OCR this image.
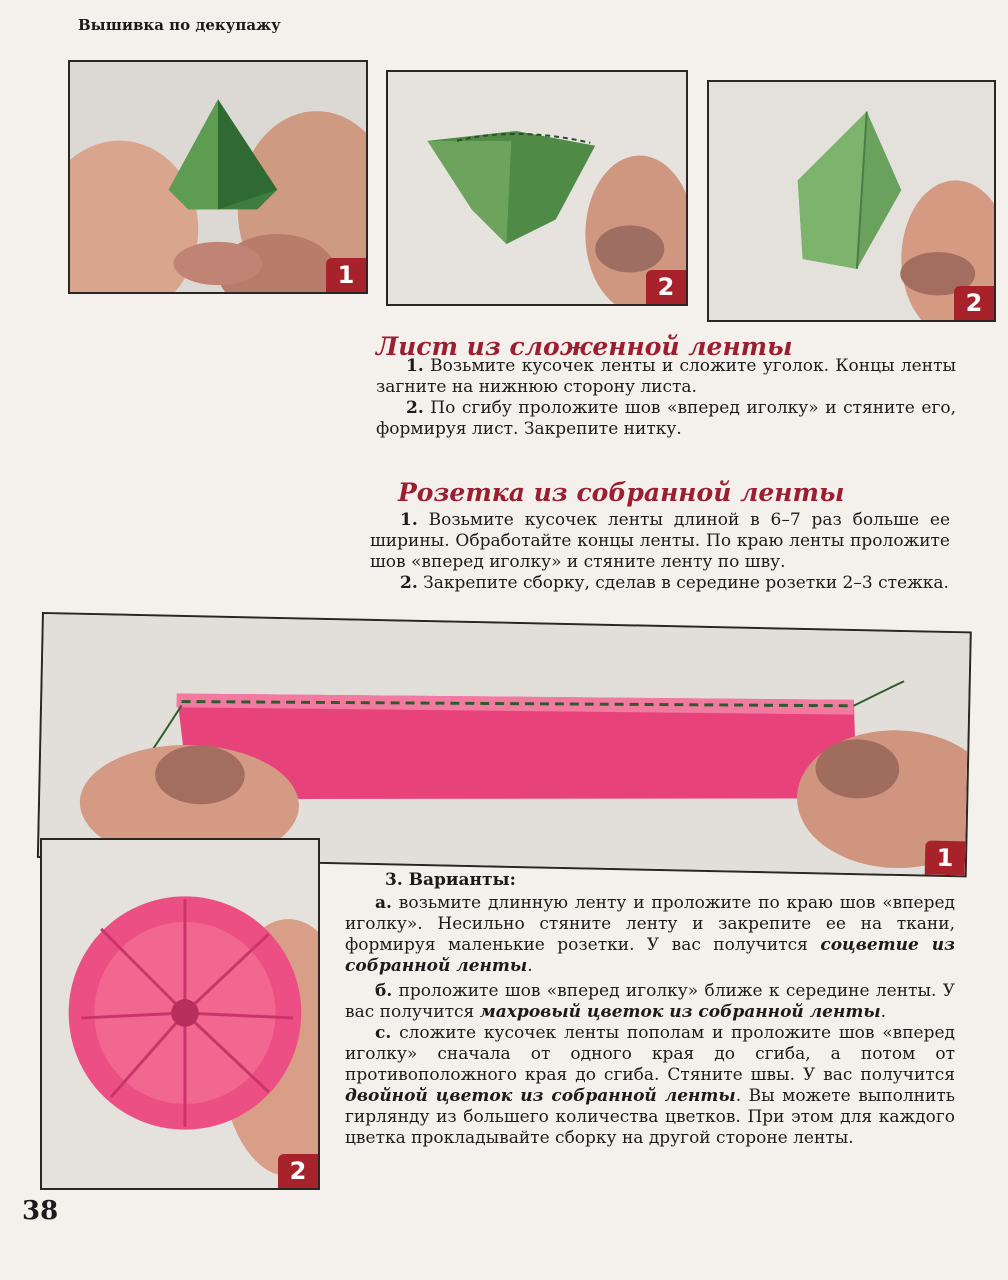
Вышивка по декупажу
1	2
2
Лист из сложенной ленты

1. Возьмите кусочек ленты и сложите уголок. Концы ленты загните на нижнюю сторону листа.

2. По сгибу проложите шов «вперед иголку» и стяните его, формируя лист. Закрепите нитку.

Розетка из собранной ленты

1. Возьмите кусочек ленты длиной в 6–7 раз больше ее ширины. Обработайте концы ленты. По краю ленты проложите шов «вперед иголку» и стяните ленту по шву.

2. Закрепите сборку, сделав в середине розетки 2–3 стежка.

1
2

3. Варианты:

а. возьмите длинную ленту и проложите по краю шов «вперед иголку». Несильно стяните ленту и закрепите ее на ткани, формируя маленькие розетки. У вас получится соцветие из собранной ленты.

б. проложите шов «вперед иголку» ближе к середине ленты. У вас получится махровый цветок из собранной ленты.

с. сложите кусочек ленты пополам и проложите шов «вперед иголку» сначала от одного края до сгиба, а потом от противоположного края до сгиба. Стяните швы. У вас получится двойной цветок из собранной ленты. Вы можете выполнить гирлянду из большего количества цветков. При этом для каждого цветка прокладывайте сборку на другой стороне ленты.

38
